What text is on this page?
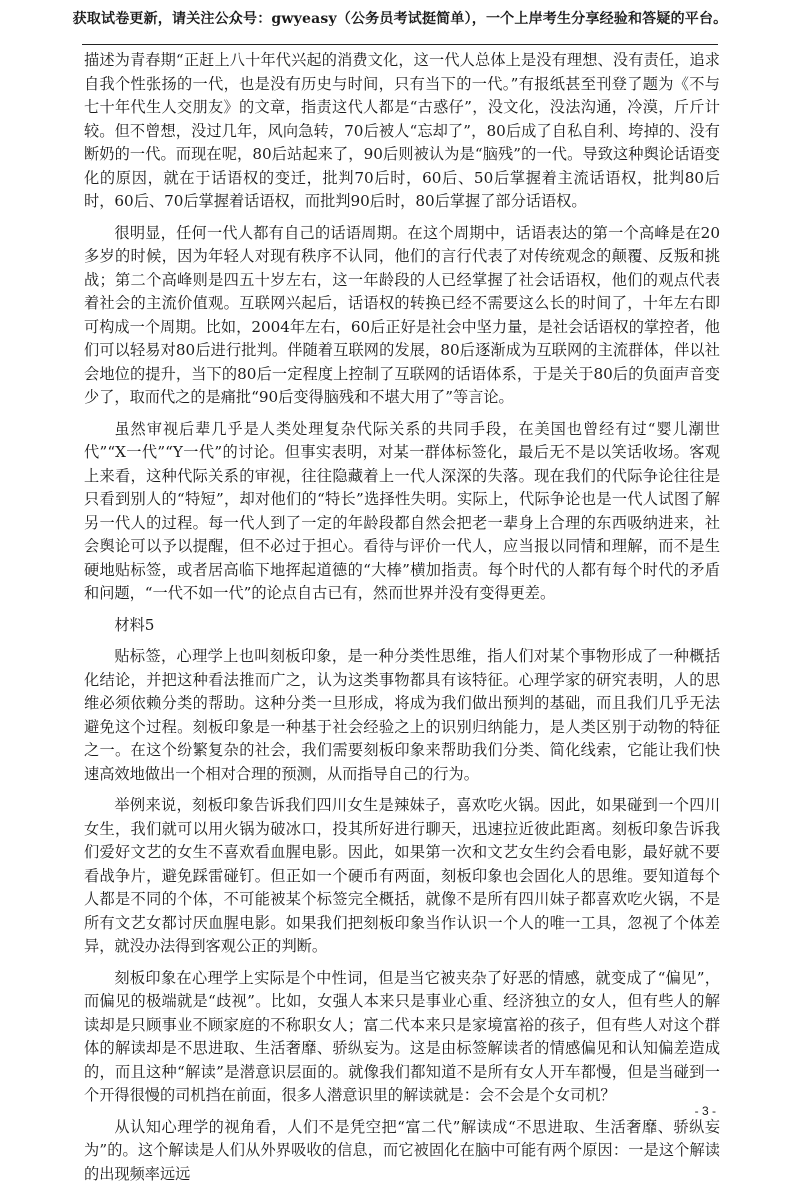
获取试卷更新，请关注公众号：gwyeasy（公务员考试挺简单），一个上岸考生分享经验和答疑的平台。

描述为青春期“正赶上八十年代兴起的消费文化，这一代人总体上是没有理想、没有责任，追求自我个性张扬的一代，也是没有历史与时间，只有当下的一代。”有报纸甚至刊登了题为《不与七十年代生人交朋友》的文章，指责这代人都是“古惑仔”，没文化，没法沟通，冷漠，斤斤计较。但不曾想，没过几年，风向急转，70后被人“忘却了”，80后成了自私自利、垮掉的、没有断奶的一代。而现在呢，80后站起来了，90后则被认为是“脑残”的一代。导致这种舆论话语变化的原因，就在于话语权的变迁，批判70后时，60后、50后掌握着主流话语权，批判80后时，60后、70后掌握着话语权，而批判90后时，80后掌握了部分话语权。

很明显，任何一代人都有自己的话语周期。在这个周期中，话语表达的第一个高峰是在20多岁的时候，因为年轻人对现有秩序不认同，他们的言行代表了对传统观念的颠覆、反叛和挑战；第二个高峰则是四五十岁左右，这一年龄段的人已经掌握了社会话语权，他们的观点代表着社会的主流价值观。互联网兴起后，话语权的转换已经不需要这么长的时间了，十年左右即可构成一个周期。比如，2004年左右，60后正好是社会中坚力量，是社会话语权的掌控者，他们可以轻易对80后进行批判。伴随着互联网的发展，80后逐渐成为互联网的主流群体，伴以社会地位的提升，当下的80后一定程度上控制了互联网的话语体系，于是关于80后的负面声音变少了，取而代之的是痛批“90后变得脑残和不堪大用了”等言论。

虽然审视后辈几乎是人类处理复杂代际关系的共同手段，在美国也曾经有过“婴儿潮世代”“X一代”“Y一代”的讨论。但事实表明，对某一群体标签化，最后无不是以笑话收场。客观上来看，这种代际关系的审视，往往隐藏着上一代人深深的失落。现在我们的代际争论往往是只看到别人的“特短”，却对他们的“特长”选择性失明。实际上，代际争论也是一代人试图了解另一代人的过程。每一代人到了一定的年龄段都自然会把老一辈身上合理的东西吸纳进来，社会舆论可以予以提醒，但不必过于担心。看待与评价一代人，应当报以同情和理解，而不是生硬地贴标签，或者居高临下地挥起道德的“大棒”横加指责。每个时代的人都有每个时代的矛盾和问题，“一代不如一代”的论点自古已有，然而世界并没有变得更差。

材料5

贴标签，心理学上也叫刻板印象，是一种分类性思维，指人们对某个事物形成了一种概括化结论，并把这种看法推而广之，认为这类事物都具有该特征。心理学家的研究表明，人的思维必须依赖分类的帮助。这种分类一旦形成，将成为我们做出预判的基础，而且我们几乎无法避免这个过程。刻板印象是一种基于社会经验之上的识别归纳能力，是人类区别于动物的特征之一。在这个纷繁复杂的社会，我们需要刻板印象来帮助我们分类、简化线索，它能让我们快速高效地做出一个相对合理的预测，从而指导自己的行为。

举例来说，刻板印象告诉我们四川女生是辣妹子，喜欢吃火锅。因此，如果碰到一个四川女生，我们就可以用火锅为破冰口，投其所好进行聊天，迅速拉近彼此距离。刻板印象告诉我们爱好文艺的女生不喜欢看血腥电影。因此，如果第一次和文艺女生约会看电影，最好就不要看战争片，避免踩雷碰钉。但正如一个硬币有两面，刻板印象也会固化人的思维。要知道每个人都是不同的个体，不可能被某个标签完全概括，就像不是所有四川妹子都喜欢吃火锅，不是所有文艺女都讨厌血腥电影。如果我们把刻板印象当作认识一个人的唯一工具，忽视了个体差异，就没办法得到客观公正的判断。

刻板印象在心理学上实际是个中性词，但是当它被夹杂了好恶的情感，就变成了“偏见”，而偏见的极端就是“歧视”。比如，女强人本来只是事业心重、经济独立的女人，但有些人的解读却是只顾事业不顾家庭的不称职女人；富二代本来只是家境富裕的孩子，但有些人对这个群体的解读却是不思进取、生活奢靡、骄纵妄为。这是由标签解读者的情感偏见和认知偏差造成的，而且这种“解读”是潜意识层面的。就像我们都知道不是所有女人开车都慢，但是当碰到一个开得很慢的司机挡在前面，很多人潜意识里的解读就是：会不会是个女司机？

从认知心理学的视角看，人们不是凭空把“富二代”解读成“不思进取、生活奢靡、骄纵妄为”的。这个解读是人们从外界吸收的信息，而它被固化在脑中可能有两个原因：一是这个解读的出现频率远远

- 3 -
